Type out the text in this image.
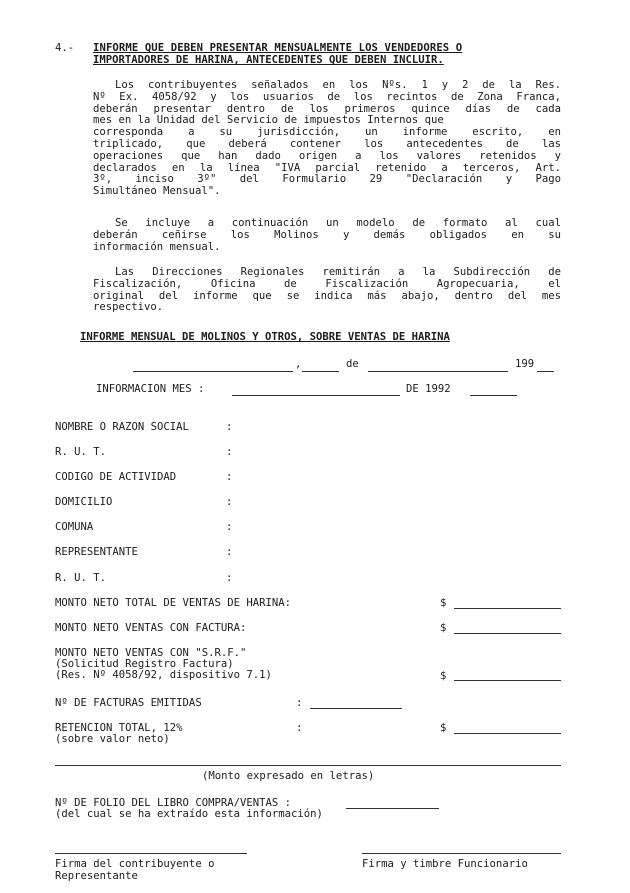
4.- INFORME QUE DEBEN PRESENTAR MENSUALMENTE LOS VENDEDORES O
IMPORTADORES DE HARINA, ANTECEDENTES QUE DEBEN INCLUIR.
Los contribuyentes señalados en los Nºs. 1 y 2 de la Res.
Nº Ex. 4058/92 y los usuarios de los recintos de Zona Franca,
deberán presentar dentro de los primeros quince días de cada
mes en la Unidad del Servicio de impuestos Internos que
corresponda a su jurisdicción, un informe escrito, en
triplicado, que deberá contener los antecedentes de las
operaciones que han dado origen a los valores retenidos y
declarados en la línea "IVA parcial retenido a terceros, Art.
3º, inciso 3º" del Formulario 29 "Declaración y Pago
Simultáneo Mensual".
Se incluye a continuación un modelo de formato al cual
deberán ceñirse los Molinos y demás obligados en su
información mensual.
Las Direcciones Regionales remitirán a la Subdirección de
Fiscalización, Oficina de Fiscalización Agropecuaria, el
original del informe que se indica más abajo, dentro del mes
respectivo.
INFORME MENSUAL DE MOLINOS Y OTROS, SOBRE VENTAS DE HARINA
,	de	199
INFORMACION MES :	DE 1992
NOMBRE O RAZON SOCIAL	:
R. U. T.	:
CODIGO DE ACTIVIDAD	:
DOMICILIO	:
COMUNA	:
REPRESENTANTE	:
R. U. T.	:
MONTO NETO TOTAL DE VENTAS DE HARINA:	$
MONTO NETO VENTAS CON FACTURA:	$
MONTO NETO VENTAS CON "S.R.F."
(Solicitud Registro Factura)
(Res. Nº 4058/92, dispositivo 7.1)	$
Nº DE FACTURAS EMITIDAS	:
RETENCION TOTAL, 12%
(sobre valor neto)
:	$
(Monto expresado en letras)
Nº DE FOLIO DEL LIBRO COMPRA/VENTAS :
(del cual se ha extraído esta información)
Firma del contribuyente o
Representante
Firma y timbre Funcionario
